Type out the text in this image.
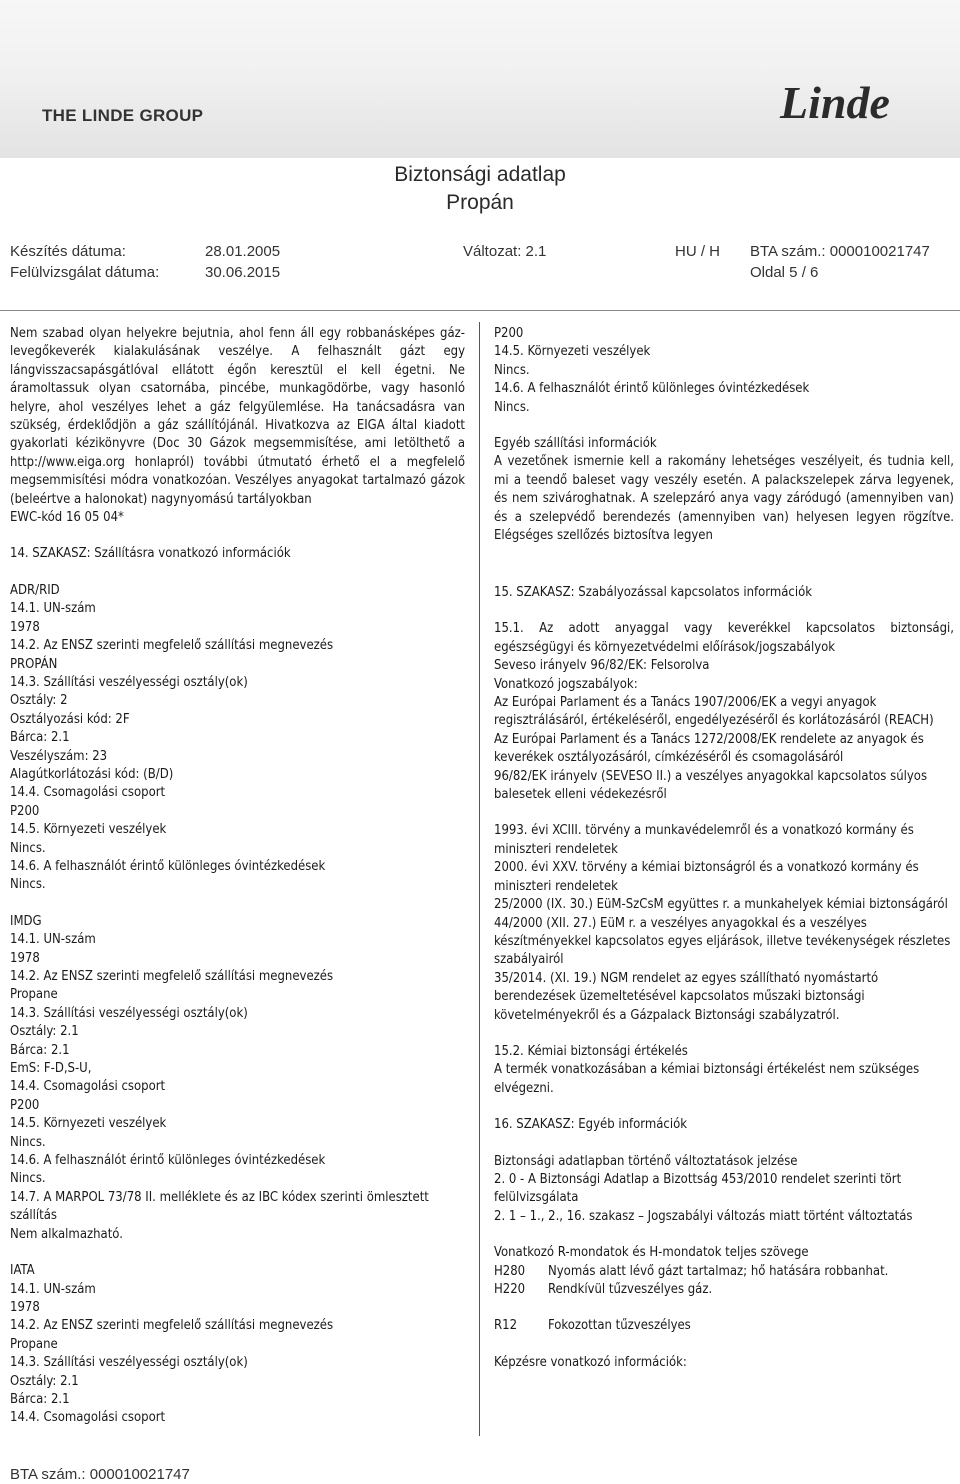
THE LINDE GROUP	Linde
Biztonsági adatlap
Propán
Készítés dátuma:	28.01.2005
Felülvizsgálat dátuma:	30.06.2015
Változat: 2.1	HU / H BTA szám.: 000010021747
Oldal 5 / 6

Nem szabad olyan helyekre bejutnia, ahol fenn áll egy robbanásképes gáz-levegőkeverék kialakulásának veszélye. A felhasznált gázt egy lángvisszacsapásgátlóval ellátott égőn keresztül el kell égetni. Ne áramoltassuk olyan csatornába, pincébe, munkagödörbe, vagy hasonló helyre, ahol veszélyes lehet a gáz felgyülemlése. Ha tanácsadásra van szükség, érdeklődjön a gáz szállítójánál. Hivatkozva az EIGA által kiadott gyakorlati kézikönyvre (Doc 30 Gázok megsemmisítése, ami letölthető a http://www.eiga.org honlapról) további útmutató érhető el a megfelelő megsemmisítési módra vonatkozóan. Veszélyes anyagokat tartalmazó gázok (beleértve a halonokat) nagynyomású tartályokban

EWC-kód 16 05 04*

14. SZAKASZ: Szállításra vonatkozó információk

ADR/RID

14.1. UN-szám

1978

14.2. Az ENSZ szerinti megfelelő szállítási megnevezés

PROPÁN

14.3. Szállítási veszélyességi osztály(ok)

Osztály: 2

Osztályozási kód: 2F

Bárca: 2.1

Veszélyszám: 23

Alagútkorlátozási kód: (B/D)

14.4. Csomagolási csoport

P200

14.5. Környezeti veszélyek

Nincs.

14.6. A felhasználót érintő különleges óvintézkedések

Nincs.

IMDG

14.1. UN-szám

1978

14.2. Az ENSZ szerinti megfelelő szállítási megnevezés

Propane

14.3. Szállítási veszélyességi osztály(ok)

Osztály: 2.1

Bárca: 2.1

EmS: F-D,S-U,

14.4. Csomagolási csoport

P200

14.5. Környezeti veszélyek

Nincs.

14.6. A felhasználót érintő különleges óvintézkedések

Nincs.

14.7. A MARPOL 73/78 II. melléklete és az IBC kódex szerinti ömlesztett szállítás

Nem alkalmazható.

IATA

14.1. UN-szám

1978

14.2. Az ENSZ szerinti megfelelő szállítási megnevezés

Propane

14.3. Szállítási veszélyességi osztály(ok)

Osztály: 2.1

Bárca: 2.1

14.4. Csomagolási csoport

P200

14.5. Környezeti veszélyek

Nincs.

14.6. A felhasználót érintő különleges óvintézkedések

Nincs.

Egyéb szállítási információk

A vezetőnek ismernie kell a rakomány lehetséges veszélyeit, és tudnia kell, mi a teendő baleset vagy veszély esetén. A palackszelepek zárva legyenek, és nem szivároghatnak. A szelepzáró anya vagy záródugó (amennyiben van) és a szelepvédő berendezés (amennyiben van) helyesen legyen rögzítve. Elégséges szellőzés biztosítva legyen

15. SZAKASZ: Szabályozással kapcsolatos információk

15.1. Az adott anyaggal vagy keverékkel kapcsolatos biztonsági, egészségügyi és környezetvédelmi előírások/jogszabályok

Seveso irányelv 96/82/EK: Felsorolva

Vonatkozó jogszabályok:

Az Európai Parlament és a Tanács 1907/2006/EK a vegyi anyagok regisztrálásáról, értékeléséről, engedélyezéséről és korlátozásáról (REACH)

Az Európai Parlament és a Tanács 1272/2008/EK rendelete az anyagok és keverékek osztályozásáról, címkézéséről és csomagolásáról

96/82/EK irányelv (SEVESO II.) a veszélyes anyagokkal kapcsolatos súlyos balesetek elleni védekezésről

1993. évi XCIII. törvény a munkavédelemről és a vonatkozó kormány és miniszteri rendeletek

2000. évi XXV. törvény a kémiai biztonságról és a vonatkozó kormány és miniszteri rendeletek

25/2000 (IX. 30.) EüM-SzCsM együttes r. a munkahelyek kémiai biztonságáról

44/2000 (XII. 27.) EüM r. a veszélyes anyagokkal és a veszélyes készítményekkel kapcsolatos egyes eljárások, illetve tevékenységek részletes szabályairól

35/2014. (XI. 19.) NGM rendelet az egyes szállítható nyomástartó berendezések üzemeltetésével kapcsolatos műszaki biztonsági követelményekről és a Gázpalack Biztonsági szabályzatról.

15.2. Kémiai biztonsági értékelés

A termék vonatkozásában a kémiai biztonsági értékelést nem szükséges elvégezni.

16. SZAKASZ: Egyéb információk

Biztonsági adatlapban történő változtatások jelzése

2. 0 - A Biztonsági Adatlap a Bizottság 453/2010 rendelet szerinti tört felülvizsgálata

2. 1 – 1., 2., 16. szakasz – Jogszabályi változás miatt történt változtatás

Vonatkozó R-mondatok és H-mondatok teljes szövege

H280	Nyomás alatt lévő gázt tartalmaz; hő hatására robbanhat.
H220	Rendkívül tűzveszélyes gáz.
R12	Fokozottan tűzveszélyes

Képzésre vonatkozó információk:

BTA szám.: 000010021747
